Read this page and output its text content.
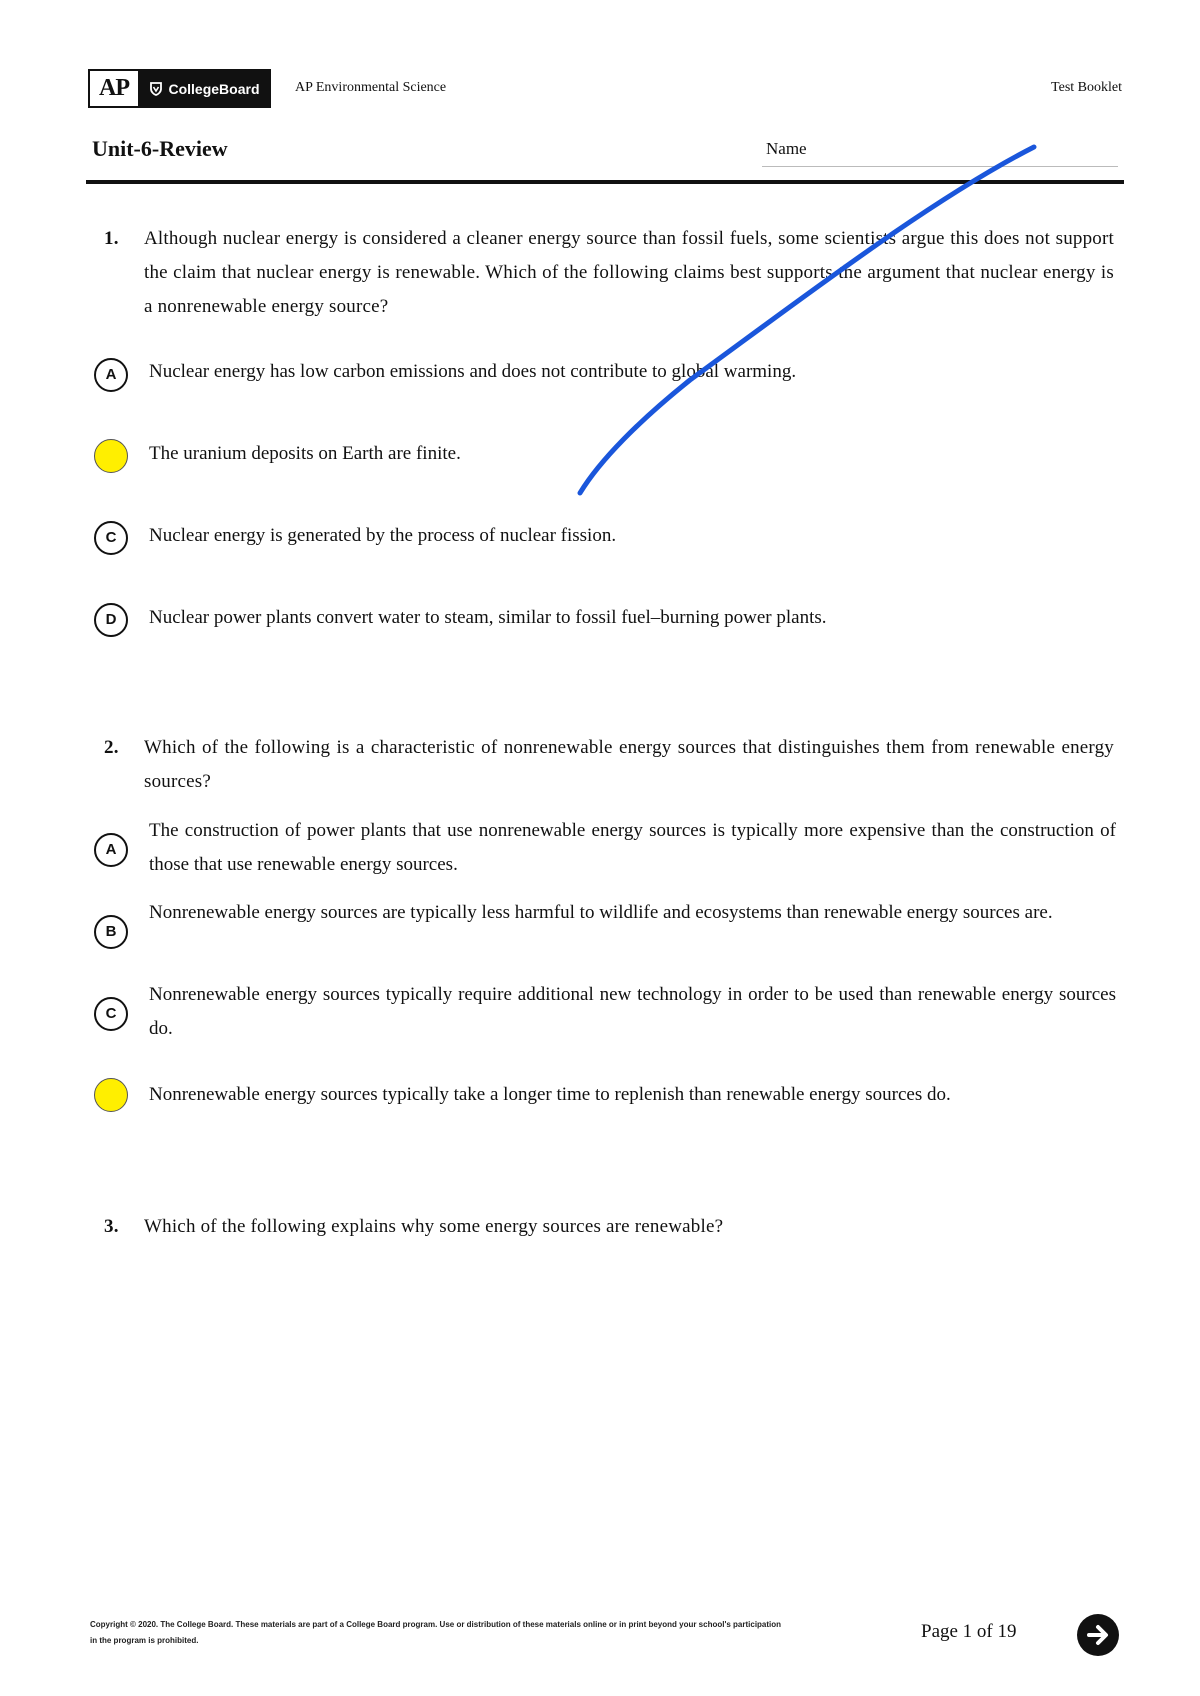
AP	CollegeBoard	AP Environmental Science	Test Booklet
Unit-6-Review	Name
1. Although nuclear energy is considered a cleaner energy source than fossil fuels, some scientists argue this does not support the claim that nuclear energy is renewable. Which of the following claims best supports the argument that nuclear energy is a nonrenewable energy source?
A	Nuclear energy has low carbon emissions and does not contribute to global warming.
The uranium deposits on Earth are finite.
C	Nuclear energy is generated by the process of nuclear fission.
D	Nuclear power plants convert water to steam, similar to fossil fuel–burning power plants.
2. Which of the following is a characteristic of nonrenewable energy sources that distinguishes them from renewable energy sources?
A
The construction of power plants that use nonrenewable energy sources is typically more expensive than the construction of those that use renewable energy sources.
B
Nonrenewable energy sources are typically less harmful to wildlife and ecosystems than renewable energy sources are.
C
Nonrenewable energy sources typically require additional new technology in order to be used than renewable energy sources do.
Nonrenewable energy sources typically take a longer time to replenish than renewable energy sources do.
3. Which of the following explains why some energy sources are renewable?
Copyright © 2020. The College Board. These materials are part of a College Board program. Use or distribution of these materials online or in print beyond your school's participation in the program is prohibited.	Page 1 of 19
